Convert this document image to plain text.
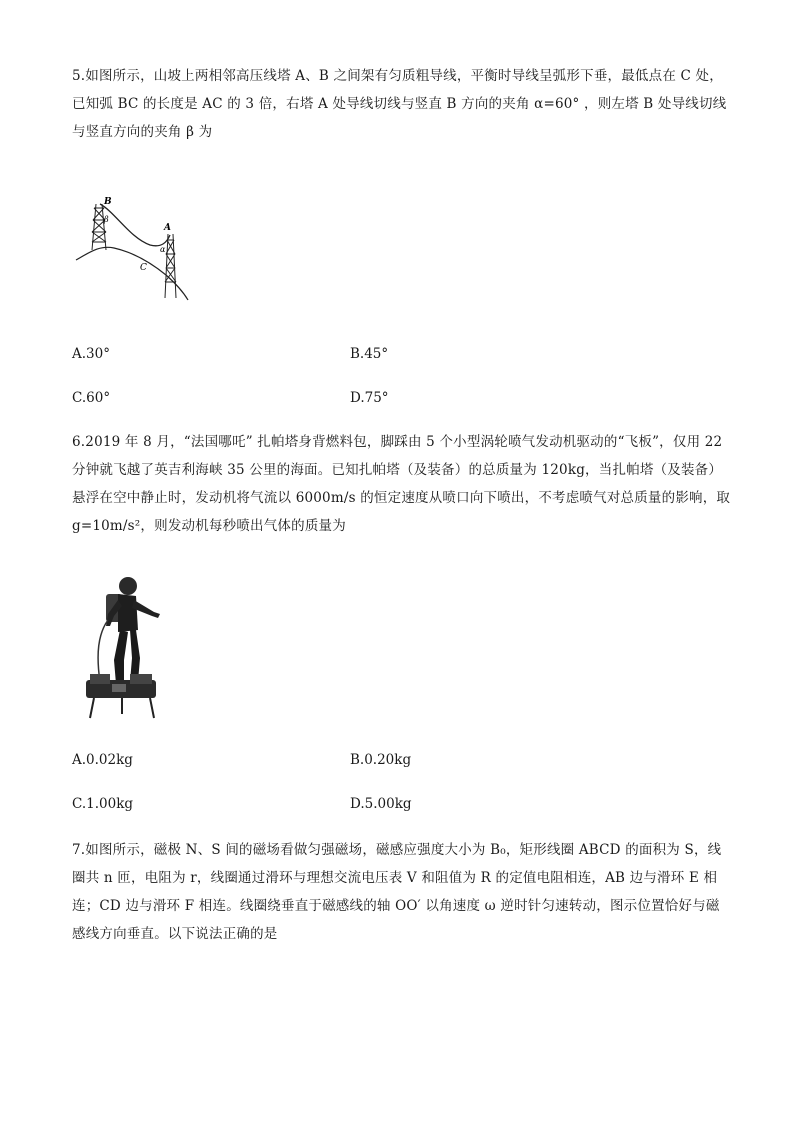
5.如图所示，山坡上两相邻高压线塔 A、B 之间架有匀质粗导线，平衡时导线呈弧形下垂，最低点在 C 处，已知弧 BC 的长度是 AC 的 3 倍，右塔 A 处导线切线与竖直 B 方向的夹角 α=60° ，则左塔 B 处导线切线与竖直方向的夹角 β 为
B
A
C
β
α
A.30°	B.45°
C.60°	D.75°
6.2019 年 8 月，“法国哪吒” 扎帕塔身背燃料包，脚踩由 5 个小型涡轮喷气发动机驱动的“飞板”，仅用 22 分钟就飞越了英吉利海峡 35 公里的海面。已知扎帕塔（及装备）的总质量为 120kg，当扎帕塔（及装备）悬浮在空中静止时，发动机将气流以 6000m/s 的恒定速度从喷口向下喷出，不考虑喷气对总质量的影响，取 g=10m/s²，则发动机每秒喷出气体的质量为
A.0.02kg	B.0.20kg
C.1.00kg	D.5.00kg
7.如图所示，磁极 N、S 间的磁场看做匀强磁场，磁感应强度大小为 B₀，矩形线圈 ABCD 的面积为 S，线圈共 n 匝，电阻为 r，线圈通过滑环与理想交流电压表 V 和阻值为 R 的定值电阻相连，AB 边与滑环 E 相连；CD 边与滑环 F 相连。线圈绕垂直于磁感线的轴 OO′ 以角速度 ω 逆时针匀速转动，图示位置恰好与磁感线方向垂直。以下说法正确的是
